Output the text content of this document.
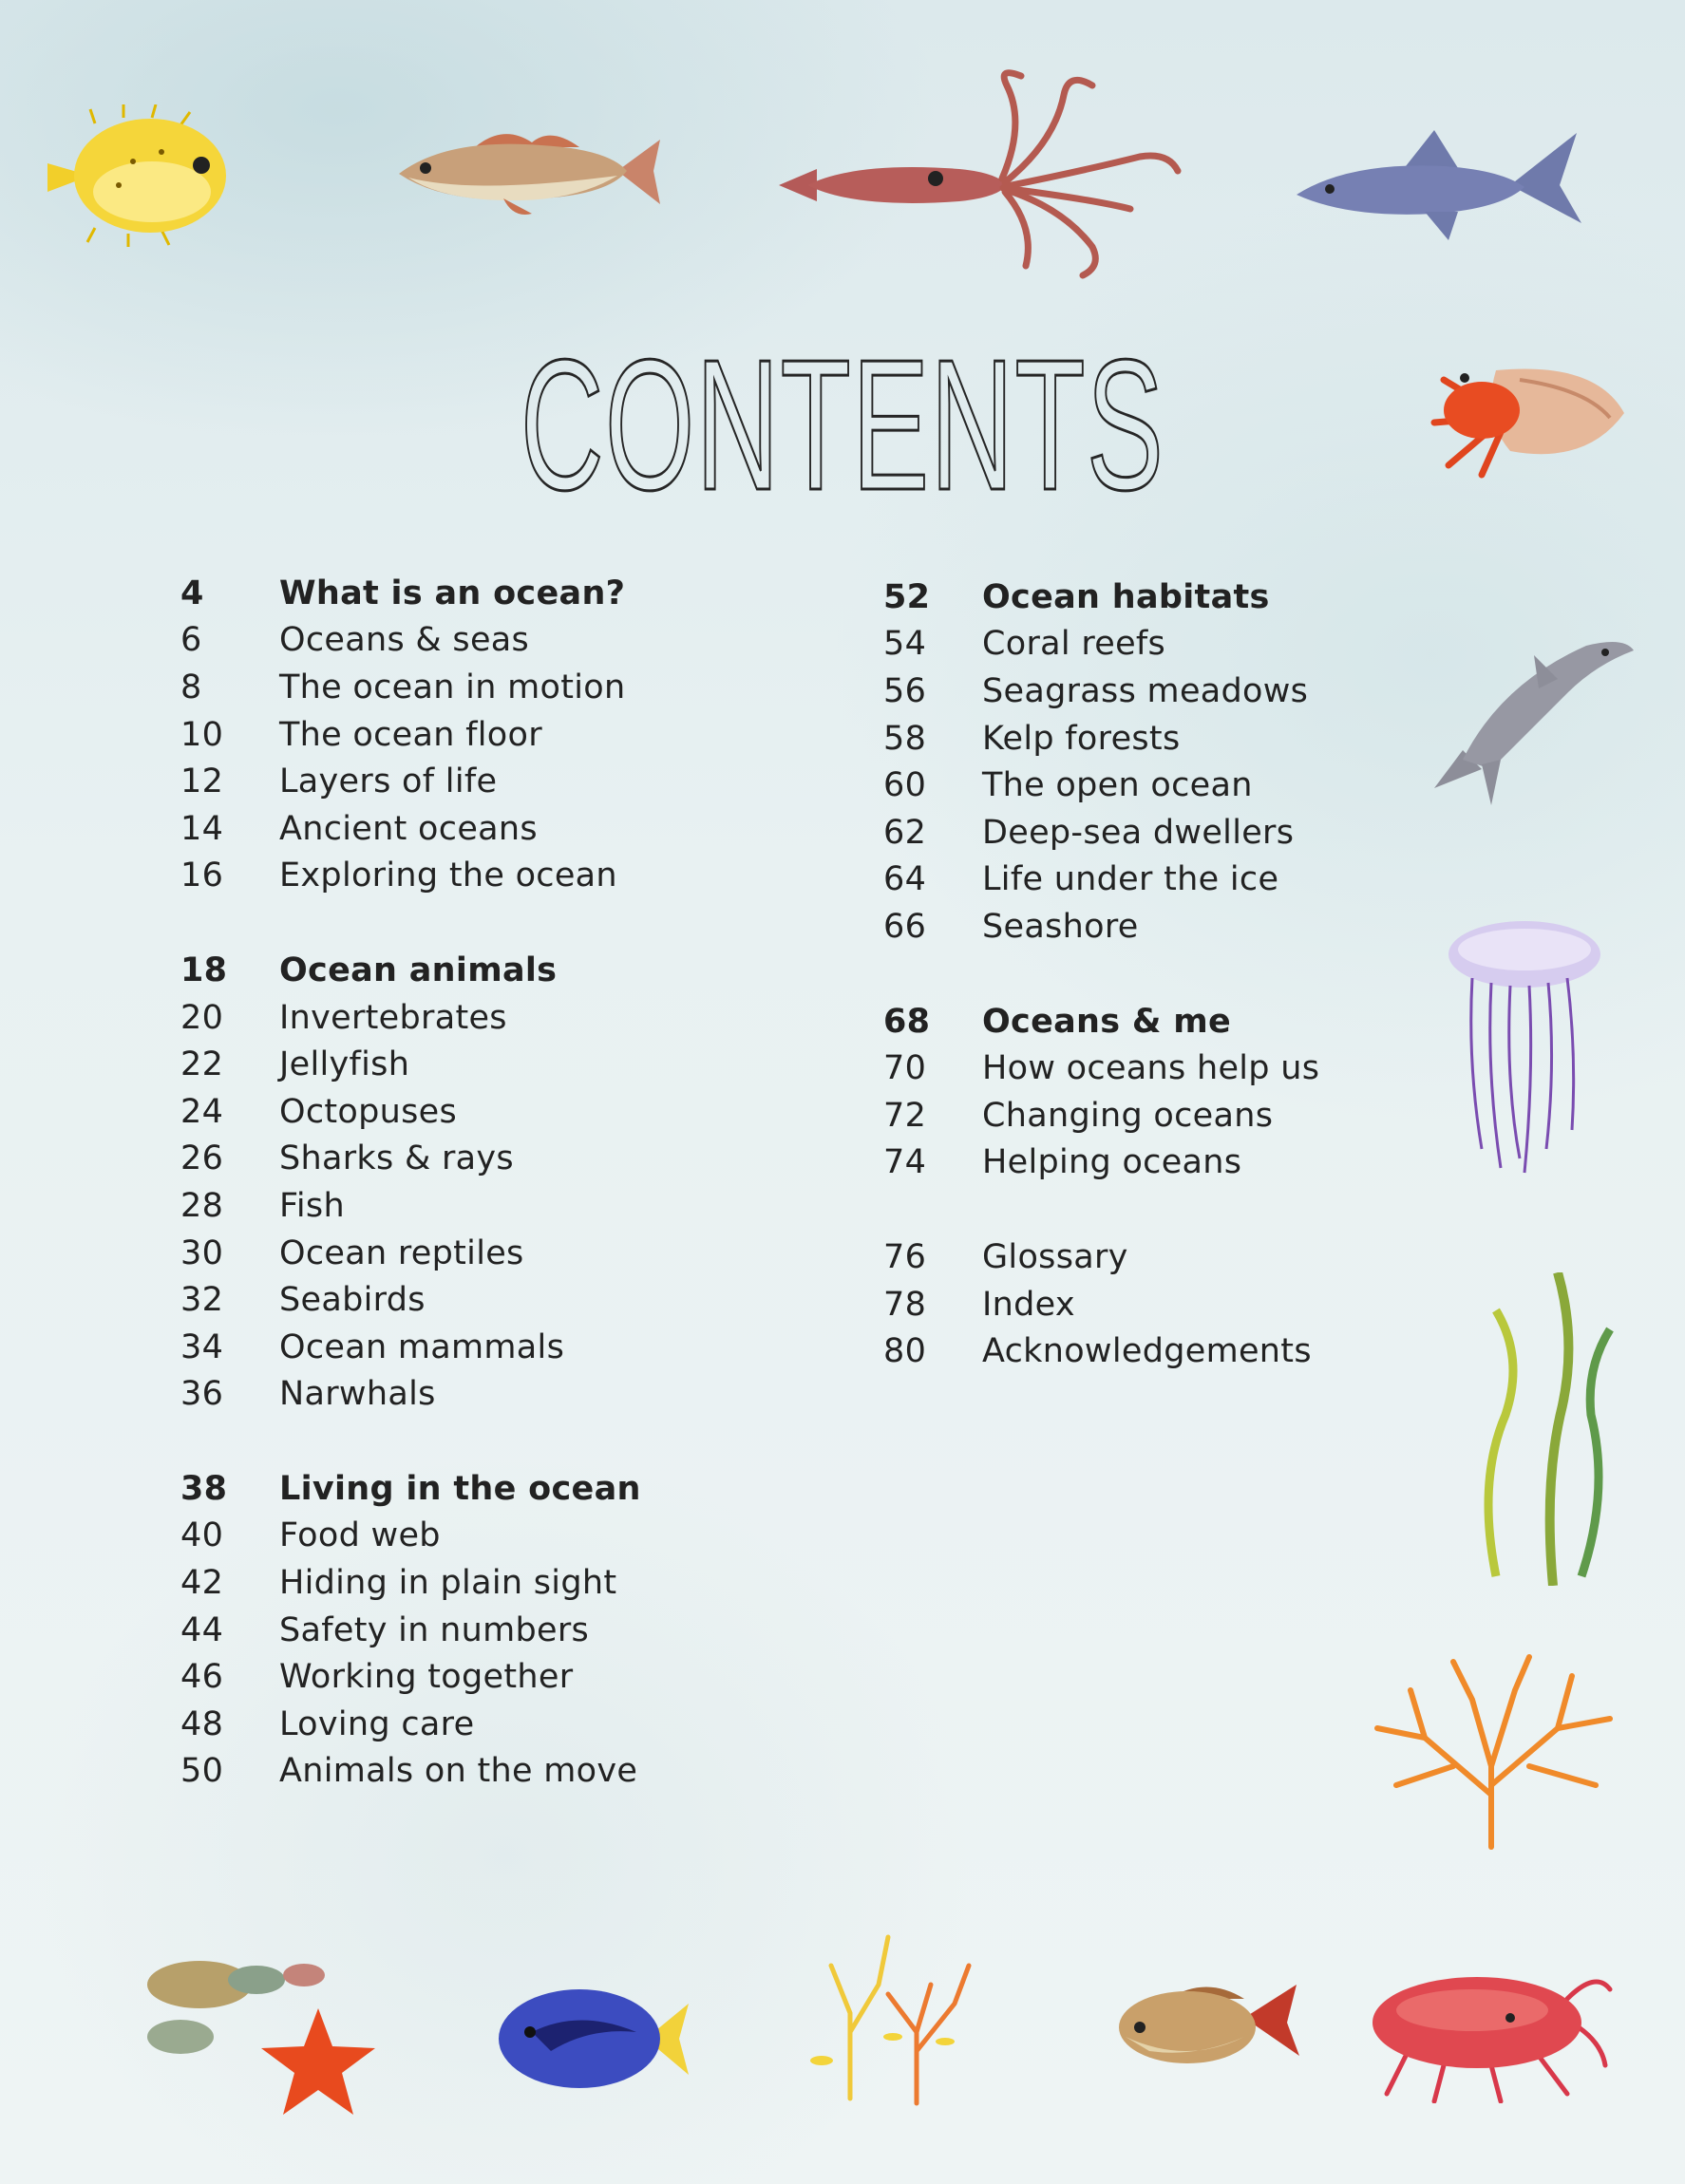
CONTENTS
4	What is an ocean?
6	Oceans & seas
8	The ocean in motion
10	The ocean floor
12	Layers of life
14	Ancient oceans
16	Exploring the ocean
18	Ocean animals
20	Invertebrates
22	Jellyfish
24	Octopuses
26	Sharks & rays
28	Fish
30	Ocean reptiles
32	Seabirds
34	Ocean mammals
36	Narwhals
38	Living in the ocean
40	Food web
42	Hiding in plain sight
44	Safety in numbers
46	Working together
48	Loving care
50	Animals on the move
52	Ocean habitats
54	Coral reefs
56	Seagrass meadows
58	Kelp forests
60	The open ocean
62	Deep-sea dwellers
64	Life under the ice
66	Seashore
68	Oceans & me
70	How oceans help us
72	Changing oceans
74	Helping oceans
76	Glossary
78	Index
80	Acknowledgements
